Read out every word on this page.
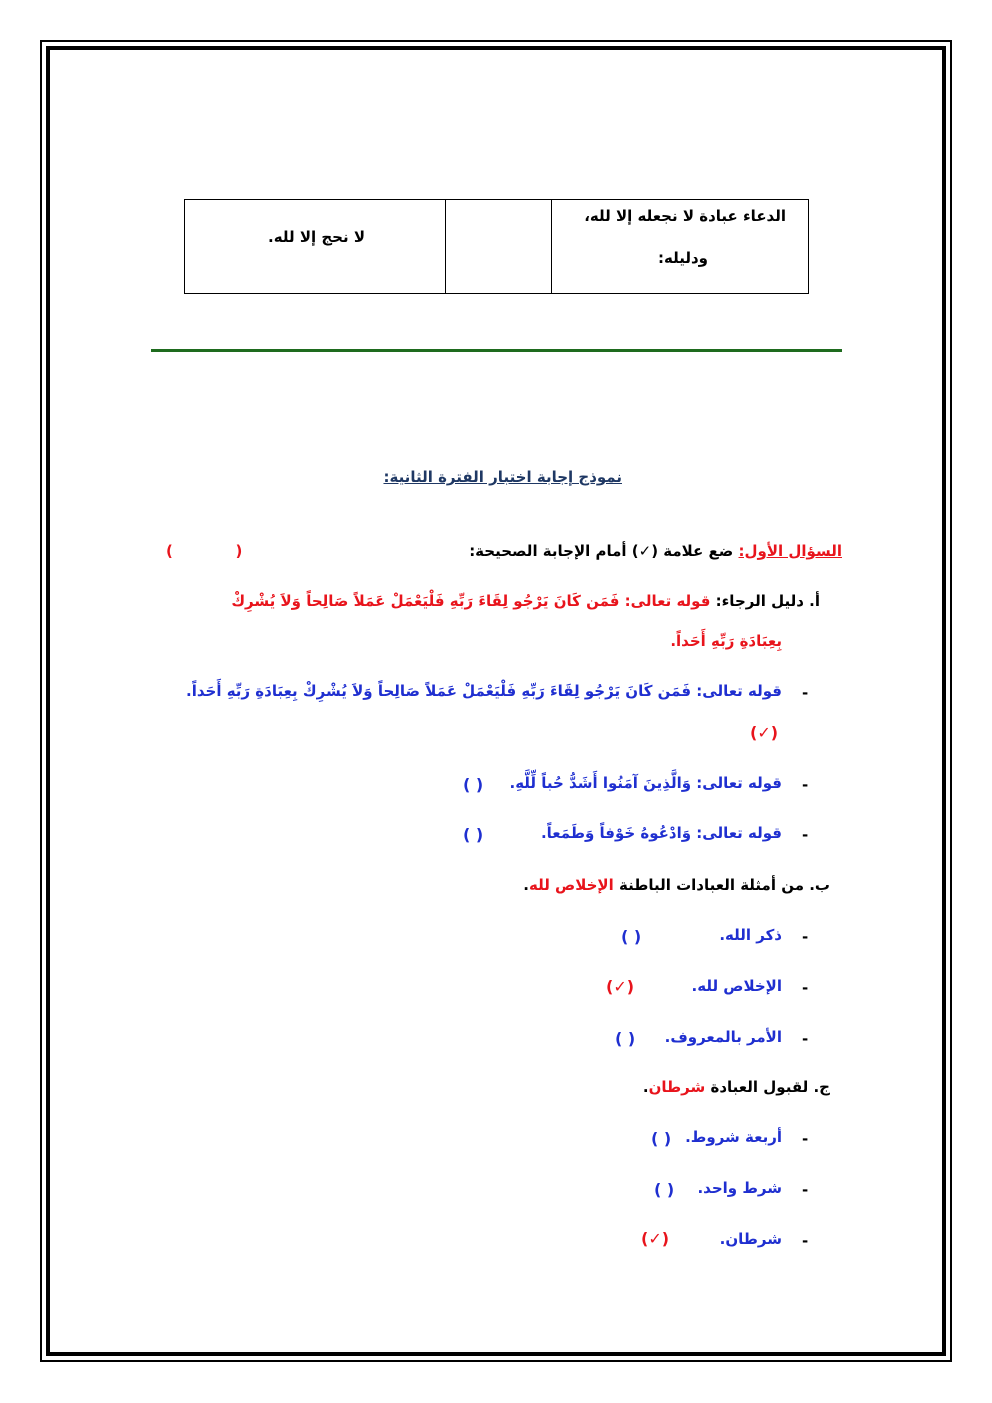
الدعاء عبادة لا نجعله إلا لله،
ودليله:
لا نحج إلا لله.
نموذج إجابة اختبار الفترة الثانية:
السؤال الأول: ضع علامة (✓) أمام الإجابة الصحيحة:
(            )
أ. دليل الرجاء: قوله تعالى: فَمَن كَانَ يَرْجُو لِقَاءَ رَبِّهِ فَلْيَعْمَلْ عَمَلاً صَالِحاً وَلاَ يُشْرِكْ
بِعِبَادَةِ رَبِّهِ أَحَداً.
-
قوله تعالى: فَمَن كَانَ يَرْجُو لِقَاءَ رَبِّهِ فَلْيَعْمَلْ عَمَلاً صَالِحاً وَلاَ يُشْرِكْ بِعِبَادَةِ رَبِّهِ أَحَداً.
(✓)
-
قوله تعالى: وَالَّذِينَ آمَنُوا أَشَدُّ حُباً لِّلَّهِ.
( )
-
قوله تعالى: وَادْعُوهُ خَوْفاً وَطَمَعاً.
( )
ب. من أمثلة العبادات الباطنة الإخلاص لله.
-
ذكر الله.
( )
-
الإخلاص لله.
(✓)
-
الأمر بالمعروف.
( )
ج. لقبول العبادة شرطان.
-
أربعة شروط.
( )
-
شرط واحد.
( )
-
شرطان.
(✓)
